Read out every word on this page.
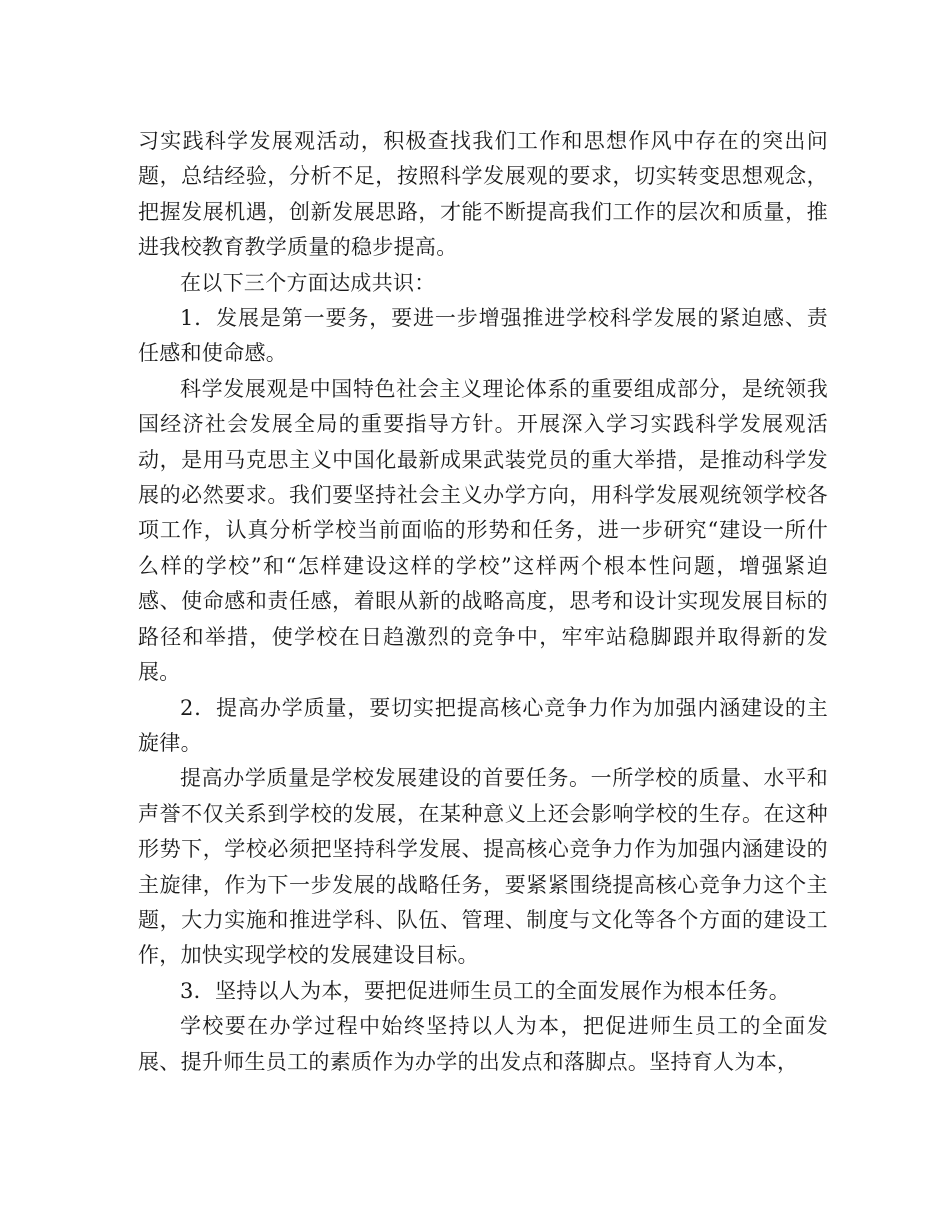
习实践科学发展观活动，积极查找我们工作和思想作风中存在的突出问题，总结经验，分析不足，按照科学发展观的要求，切实转变思想观念，把握发展机遇，创新发展思路，才能不断提高我们工作的层次和质量，推进我校教育教学质量的稳步提高。

在以下三个方面达成共识：

1．发展是第一要务，要进一步增强推进学校科学发展的紧迫感、责任感和使命感。

科学发展观是中国特色社会主义理论体系的重要组成部分，是统领我国经济社会发展全局的重要指导方针。开展深入学习实践科学发展观活动，是用马克思主义中国化最新成果武装党员的重大举措，是推动科学发展的必然要求。我们要坚持社会主义办学方向，用科学发展观统领学校各项工作，认真分析学校当前面临的形势和任务，进一步研究“建设一所什么样的学校”和“怎样建设这样的学校”这样两个根本性问题，增强紧迫感、使命感和责任感，着眼从新的战略高度，思考和设计实现发展目标的路径和举措，使学校在日趋激烈的竞争中，牢牢站稳脚跟并取得新的发展。

2．提高办学质量，要切实把提高核心竞争力作为加强内涵建设的主旋律。

提高办学质量是学校发展建设的首要任务。一所学校的质量、水平和声誉不仅关系到学校的发展，在某种意义上还会影响学校的生存。在这种形势下，学校必须把坚持科学发展、提高核心竞争力作为加强内涵建设的主旋律，作为下一步发展的战略任务，要紧紧围绕提高核心竞争力这个主题，大力实施和推进学科、队伍、管理、制度与文化等各个方面的建设工作，加快实现学校的发展建设目标。

3．坚持以人为本，要把促进师生员工的全面发展作为根本任务。

学校要在办学过程中始终坚持以人为本，把促进师生员工的全面发展、提升师生员工的素质作为办学的出发点和落脚点。坚持育人为本，
